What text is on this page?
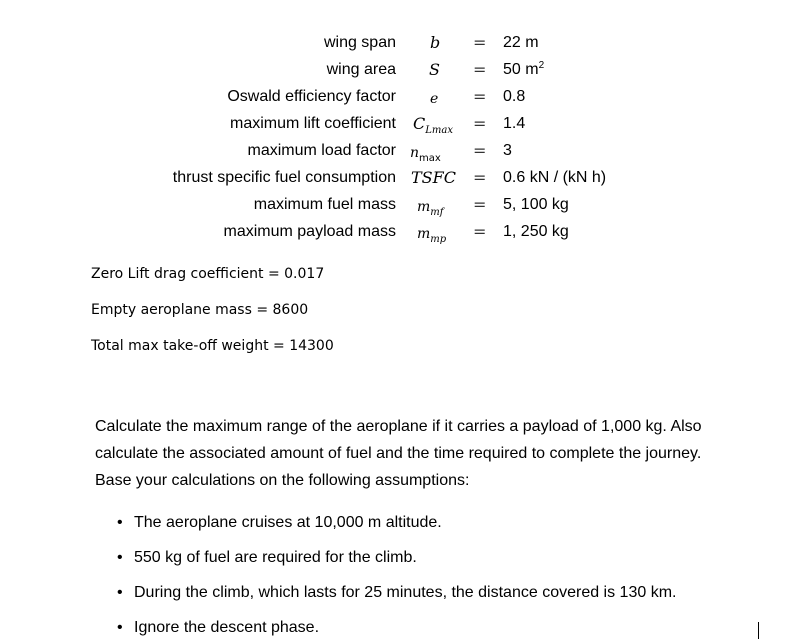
wing span b = 22 m
wing area S = 50 $m^2$
Oswald efficiency factor e = 0.8
maximum lift coefficient $C_{Lmax} = 1.4$
maximum load factor $n_{max} = 3$
thrust specific fuel consumption TSFC = 0.6 kN / (kN h)
maximum fuel mass $m_{mf} = 5$, 100 kg
maximum payload mass $m_{mp} = 1$, 250 kg
Zero Lift drag coefficient = 0.017
Empty aeroplane mass = 8600
Total max take-off weight = 14300
Calculate the maximum range of the aeroplane if it carries a payload of 1,000 kg. Also
calculate the associated amount of fuel and the time required to complete the journey.
Base your calculations on the following assumptions:
• The aeroplane cruises at 10,000 m altitude.
• 550 kg of fuel are required for the climb.
• During the climb, which lasts for 25 minutes, the distance covered is 130 km.
• Ignore the descent phase.
